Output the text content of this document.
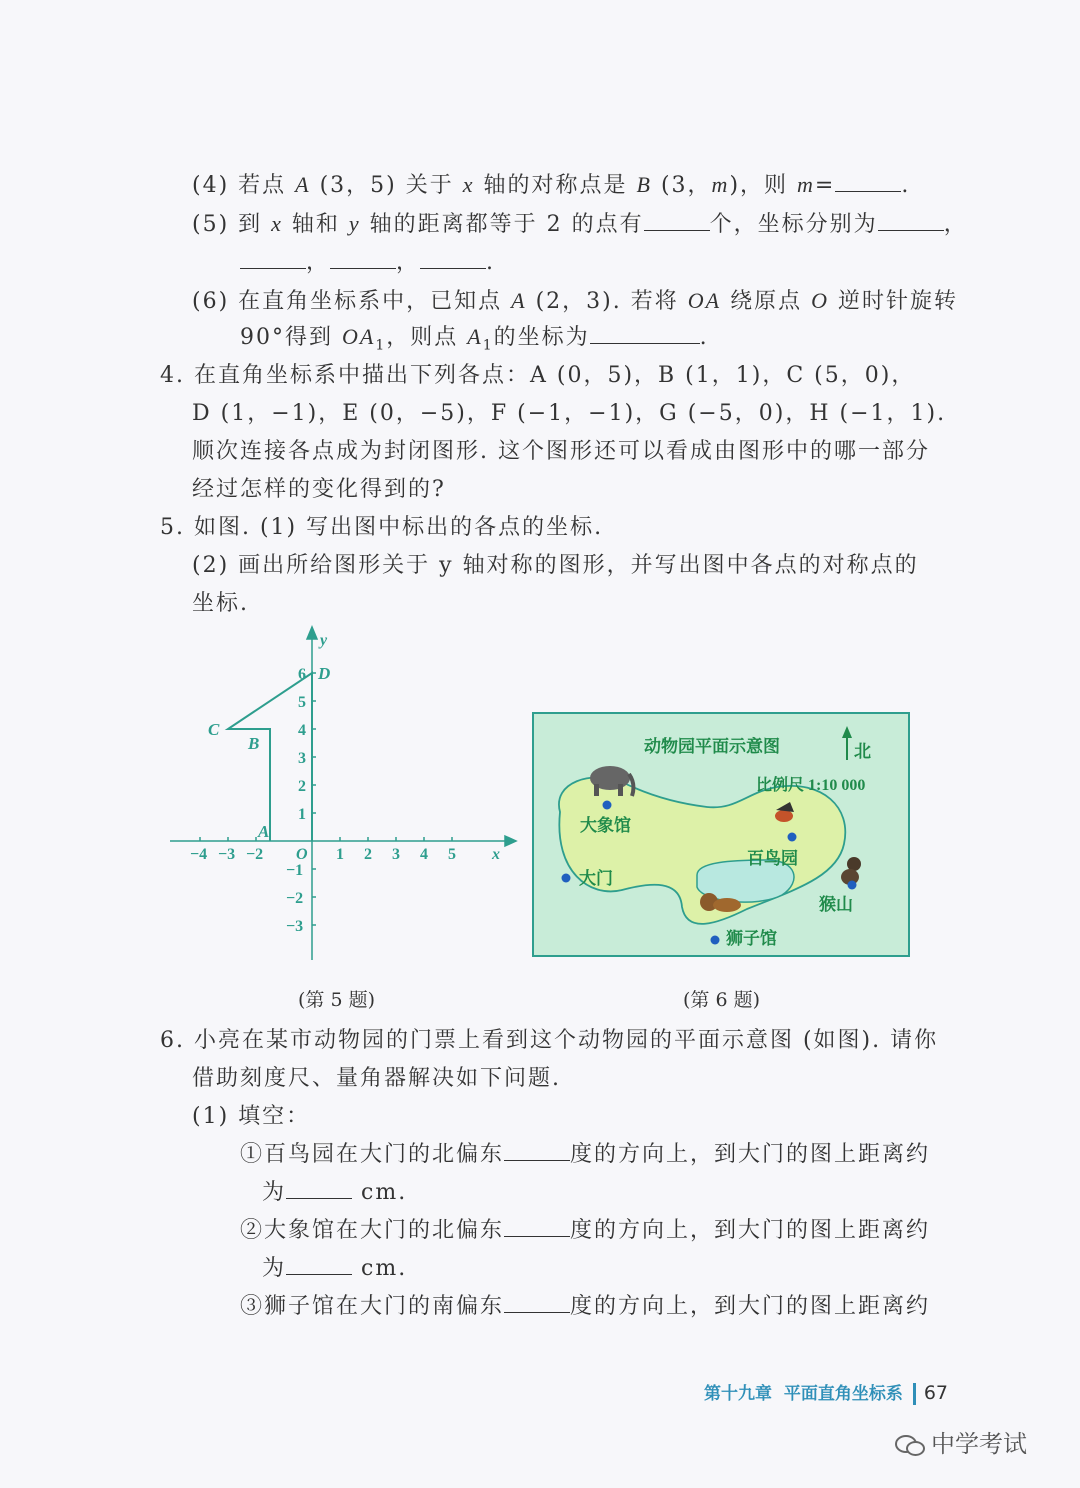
(4) 若点 A (3，5) 关于 x 轴的对称点是 B (3，m)，则 m=	.
(5) 到 x 轴和 y 轴的距离都等于 2 的点有	个，坐标分别为	，
，	，	.
(6) 在直角坐标系中，已知点 A (2，3). 若将 OA 绕原点 O 逆时针旋转
90°得到 $OA_1$，则点 $A_1$的坐标为	.
4. 在直角坐标系中描出下列各点：A (0，5)，B (1，1)，C (5，0)，
D (1，−1)，E (0，−5)，F (−1，−1)，G (−5，0)，H (−1，1).
顺次连接各点成为封闭图形. 这个图形还可以看成由图形中的哪一部分
经过怎样的变化得到的?
5. 如图. (1) 写出图中标出的各点的坐标.
(2) 画出所给图形关于 y 轴对称的图形，并写出图中各点的对称点的
坐标.
−4 −3 −2	1 2 3 4 5
6
5
4
3
2
1
−1
−2
−3
x
y
O
A
B
C
D
动物园平面示意图	北
比例尺 1:10 000
大象馆
大门
百鸟园
猴山
狮子馆
(第 5 题)	(第 6 题)
6. 小亮在某市动物园的门票上看到这个动物园的平面示意图 (如图). 请你
借助刻度尺、量角器解决如下问题.
(1) 填空：
①百鸟园在大门的北偏东	度的方向上，到大门的图上距离约
为	cm.
②大象馆在大门的北偏东	度的方向上，到大门的图上距离约
为	cm.
③狮子馆在大门的南偏东	度的方向上，到大门的图上距离约
第十九章 平面直角坐标系 67
中学考试
